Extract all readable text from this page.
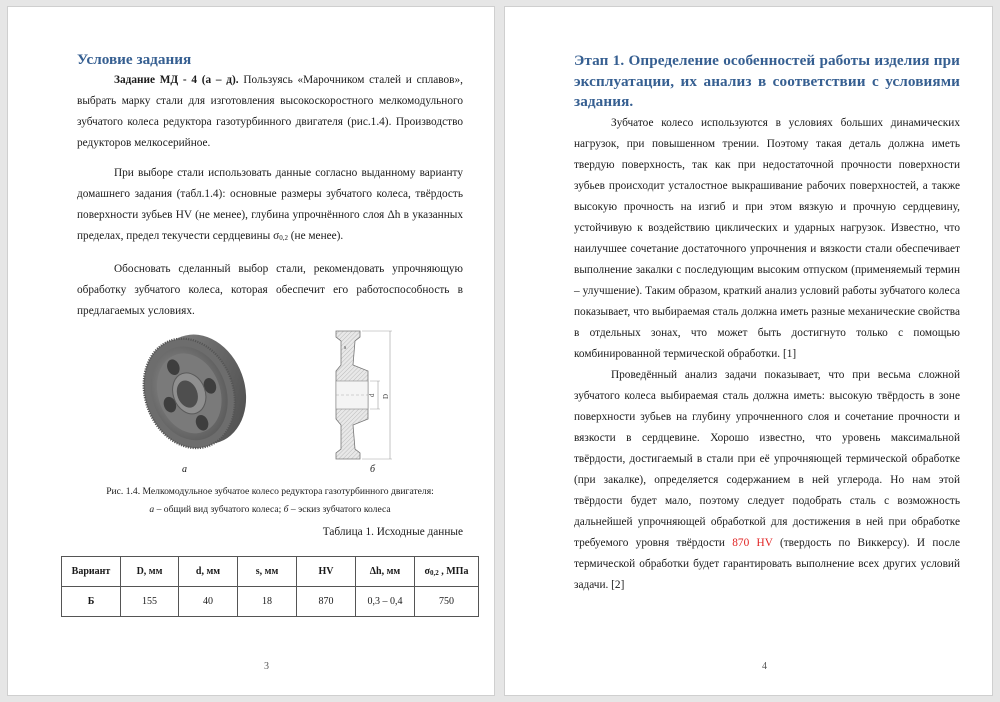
Условие задания

Задание МД - 4 (а – д). Пользуясь «Марочником сталей и сплавов», выбрать марку стали для изготовления высокоскоростного мелкомодульного зубчатого колеса редуктора газотурбинного двигателя (рис.1.4). Производство редукторов мелкосерийное.

При выборе стали использовать данные согласно выданному варианту домашнего задания (табл.1.4): основные размеры зубчатого колеса, твёрдость поверхности зубьев HV (не менее), глубина упрочнённого слоя Δh в указанных пределах, предел текучести сердцевины $\sigma_{0,2}$ (не менее).

Обосновать сделанный выбор стали, рекомендовать упрочняющую обработку зубчатого колеса, которая обеспечит его работоспособность в предлагаемых условиях.

s
d D
а	б
Рис. 1.4. Мелкомодульное зубчатое колесо редуктора газотурбинного двигателя:
а – общий вид зубчатого колеса; б – эскиз зубчатого колеса
Таблица 1. Исходные данные
Вариант	D, мм	d, мм	s, мм	HV	Δh, мм	$\sigma_{0,2}$ , МПа
Б	155	40	18	870	0,3 – 0,4	750
3
Этап 1. Определение особенностей работы изделия при эксплуатации, их анализ в соответствии с условиями задания.

Зубчатое колесо используются в условиях больших динамических нагрузок, при повышенном трении. Поэтому такая деталь должна иметь твердую поверхность, так как при недостаточной прочности поверхности зубьев происходит усталостное выкрашивание рабочих поверхностей, а также высокую прочность на изгиб и при этом вязкую и прочную сердцевину, устойчивую к воздействию циклических и ударных нагрузок. Известно, что наилучшее сочетание достаточного упрочнения и вязкости стали обеспечивает выполнение закалки с последующим высоким отпуском (применяемый термин – улучшение). Таким образом, краткий анализ условий работы зубчатого колеса показывает, что выбираемая сталь должна иметь разные механические свойства в отдельных зонах, что может быть достигнуто только с помощью комбинированной термической обработки. [1]

Проведённый анализ задачи показывает, что при весьма сложной зубчатого колеса выбираемая сталь должна иметь: высокую твёрдость в зоне поверхности зубьев на глубину упрочненного слоя и сочетание прочности и вязкости в сердцевине. Хорошо известно, что уровень максимальной твёрдости, достигаемый в стали при её упрочняющей термической обработке (при закалке), определяется содержанием в ней углерода. Но нам этой твёрдости будет мало, поэтому следует подобрать сталь с возможность дальнейшей упрочняющей обработкой для достижения в ней при обработке требуемого уровня твёрдости 870 HV (твердость по Виккерсу). И после термической обработки будет гарантировать выполнение всех других условий задачи. [2]

4
